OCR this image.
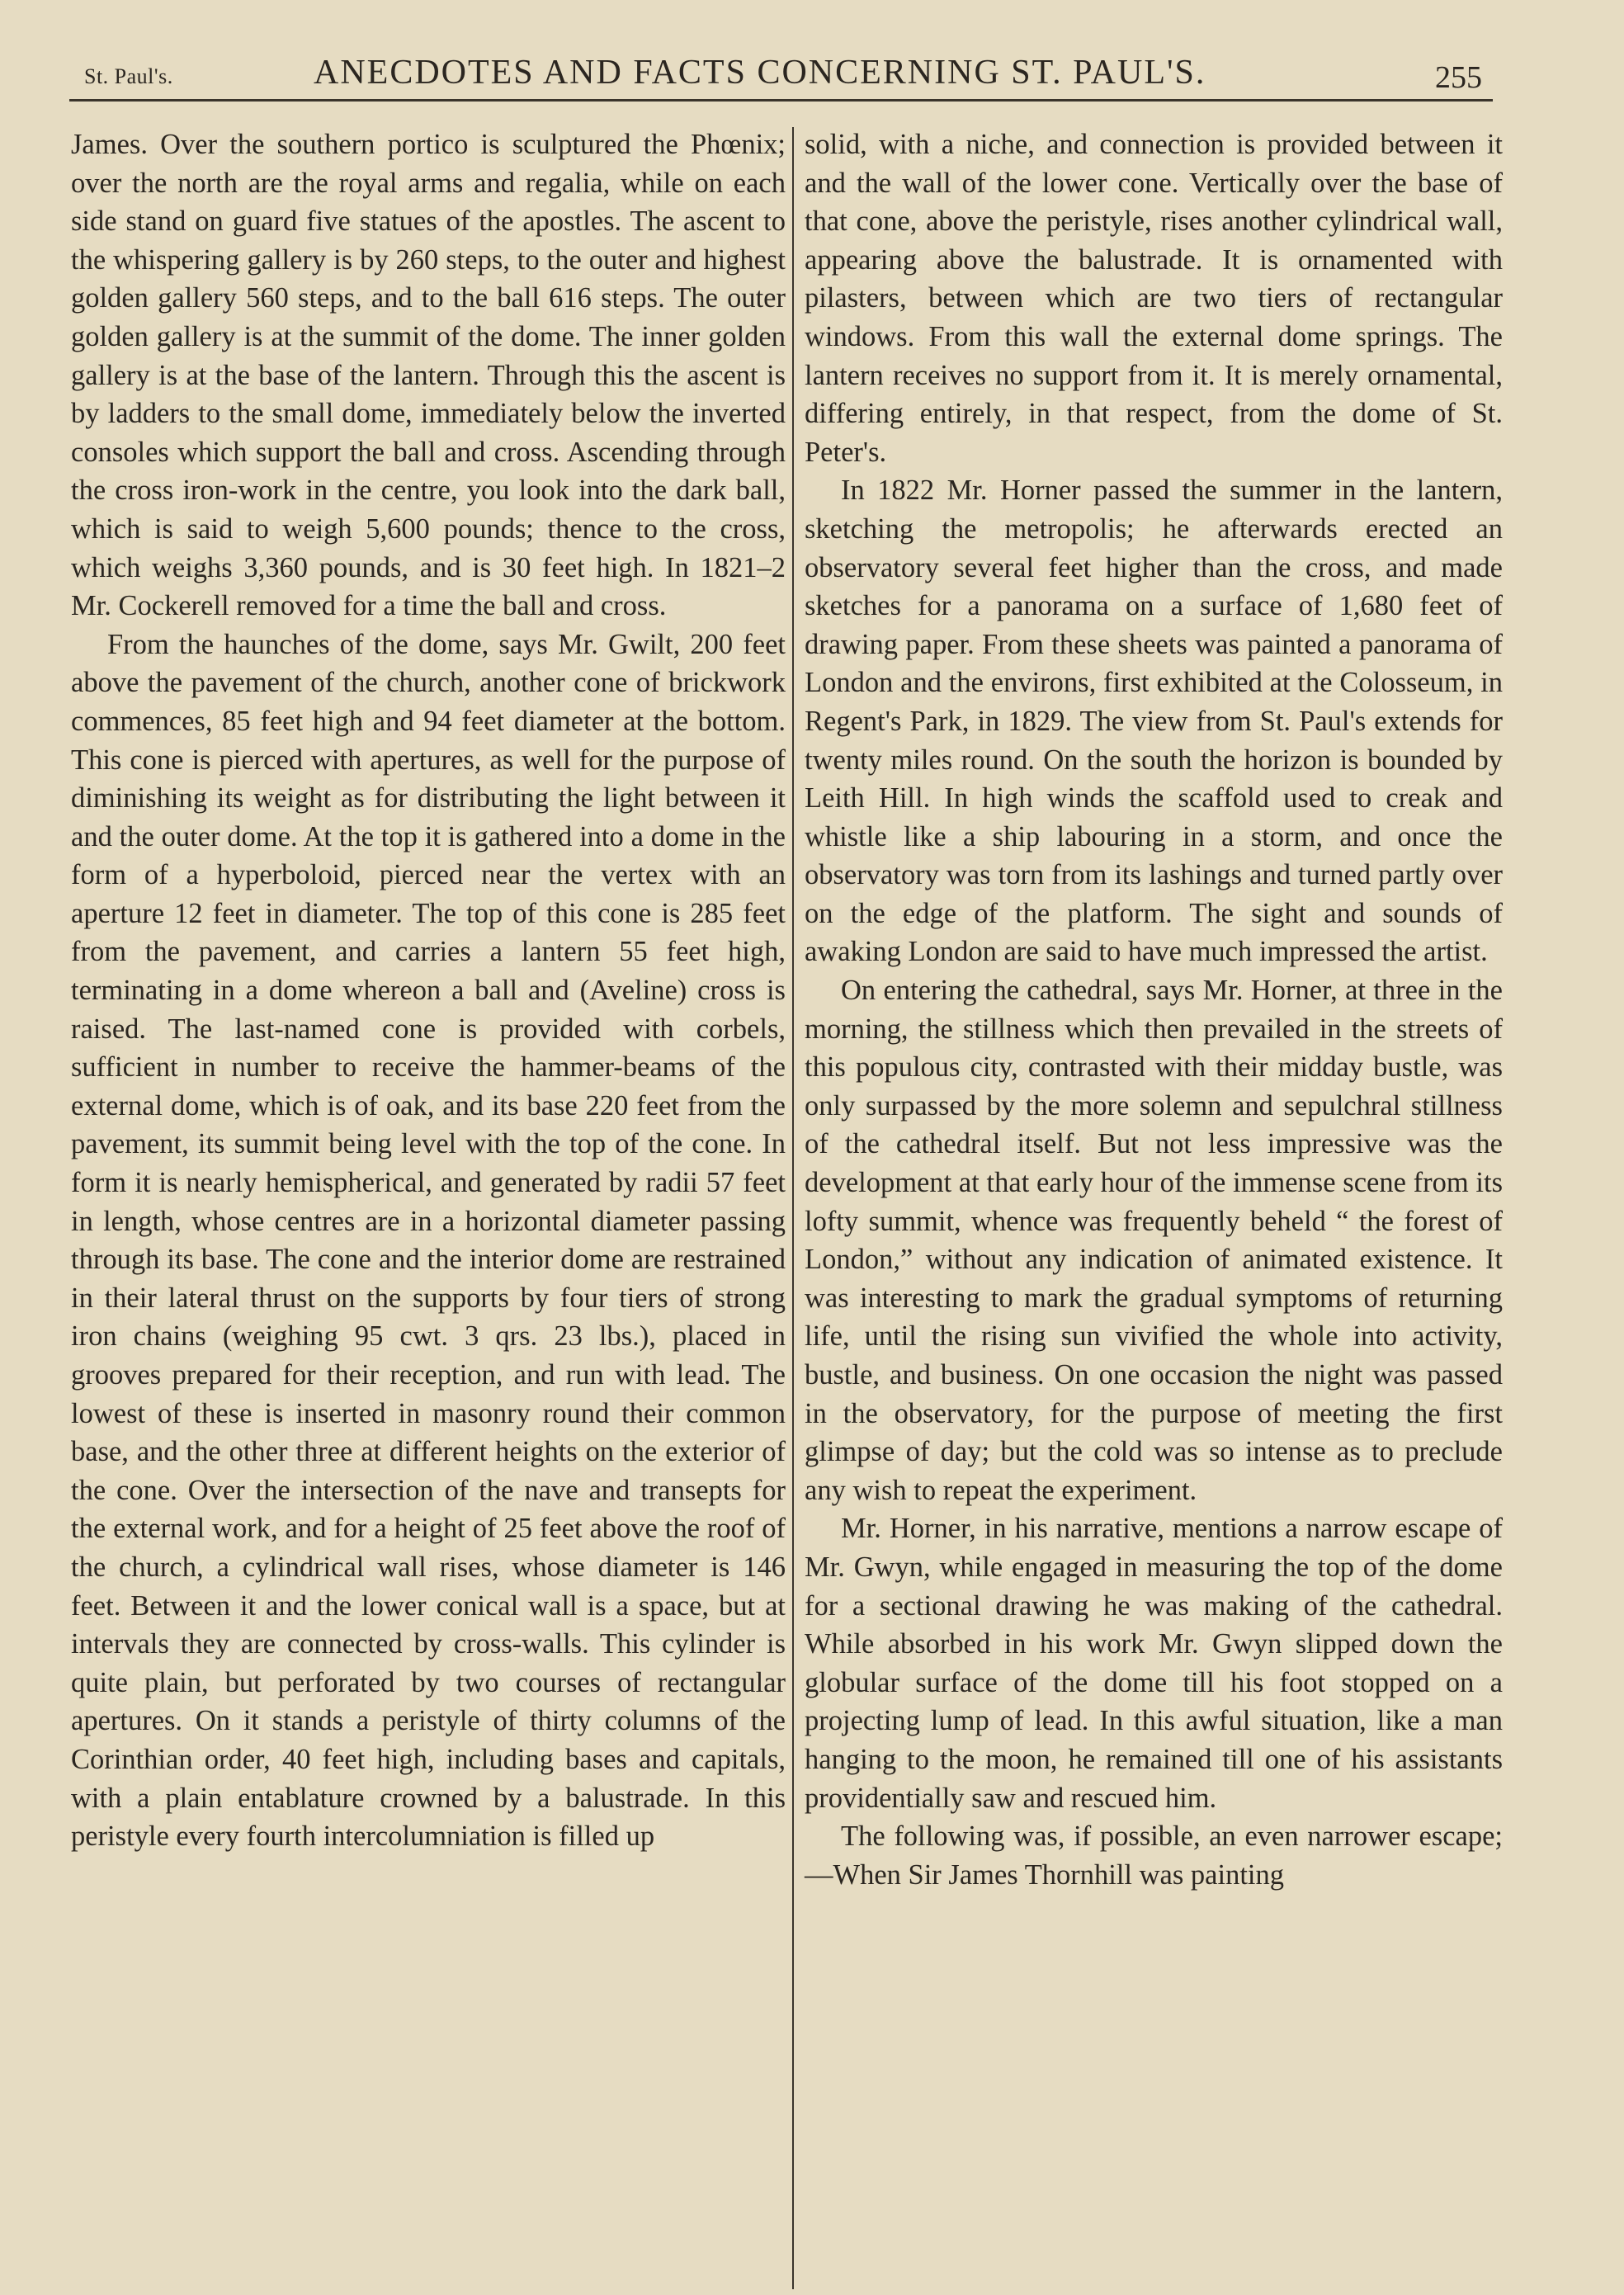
St. Paul's.	ANECDOTES AND FACTS CONCERNING ST. PAUL'S.	255

James. Over the southern portico is sculptured the Phœnix; over the north are the royal arms and regalia, while on each side stand on guard five statues of the apostles. The ascent to the whispering gallery is by 260 steps, to the outer and highest golden gallery 560 steps, and to the ball 616 steps. The outer golden gallery is at the summit of the dome. The inner golden gallery is at the base of the lantern. Through this the ascent is by ladders to the small dome, immediately below the inverted consoles which support the ball and cross. Ascending through the cross iron-work in the centre, you look into the dark ball, which is said to weigh 5,600 pounds; thence to the cross, which weighs 3,360 pounds, and is 30 feet high. In 1821–2 Mr. Cockerell removed for a time the ball and cross.

From the haunches of the dome, says Mr. Gwilt, 200 feet above the pavement of the church, another cone of brickwork commences, 85 feet high and 94 feet diameter at the bottom. This cone is pierced with apertures, as well for the purpose of diminishing its weight as for distributing the light between it and the outer dome. At the top it is gathered into a dome in the form of a hyperboloid, pierced near the vertex with an aperture 12 feet in diameter. The top of this cone is 285 feet from the pavement, and carries a lantern 55 feet high, terminating in a dome whereon a ball and (Aveline) cross is raised. The last-named cone is provided with corbels, sufficient in number to receive the hammer-beams of the external dome, which is of oak, and its base 220 feet from the pavement, its summit being level with the top of the cone. In form it is nearly hemispherical, and generated by radii 57 feet in length, whose centres are in a horizontal diameter passing through its base. The cone and the interior dome are restrained in their lateral thrust on the supports by four tiers of strong iron chains (weighing 95 cwt. 3 qrs. 23 lbs.), placed in grooves prepared for their reception, and run with lead. The lowest of these is inserted in masonry round their common base, and the other three at different heights on the exterior of the cone. Over the intersection of the nave and transepts for the external work, and for a height of 25 feet above the roof of the church, a cylindrical wall rises, whose diameter is 146 feet. Between it and the lower conical wall is a space, but at intervals they are connected by cross-walls. This cylinder is quite plain, but perforated by two courses of rectangular apertures. On it stands a peristyle of thirty columns of the Corinthian order, 40 feet high, including bases and capitals, with a plain entablature crowned by a balustrade. In this peristyle every fourth intercolumniation is filled up

solid, with a niche, and connection is provided between it and the wall of the lower cone. Vertically over the base of that cone, above the peristyle, rises another cylindrical wall, appearing above the balustrade. It is ornamented with pilasters, between which are two tiers of rectangular windows. From this wall the external dome springs. The lantern receives no support from it. It is merely ornamental, differing entirely, in that respect, from the dome of St. Peter's.

In 1822 Mr. Horner passed the summer in the lantern, sketching the metropolis; he afterwards erected an observatory several feet higher than the cross, and made sketches for a panorama on a surface of 1,680 feet of drawing paper. From these sheets was painted a panorama of London and the environs, first exhibited at the Colosseum, in Regent's Park, in 1829. The view from St. Paul's extends for twenty miles round. On the south the horizon is bounded by Leith Hill. In high winds the scaffold used to creak and whistle like a ship labouring in a storm, and once the observatory was torn from its lashings and turned partly over on the edge of the platform. The sight and sounds of awaking London are said to have much impressed the artist.

On entering the cathedral, says Mr. Horner, at three in the morning, the stillness which then prevailed in the streets of this populous city, contrasted with their midday bustle, was only surpassed by the more solemn and sepulchral stillness of the cathedral itself. But not less impressive was the development at that early hour of the immense scene from its lofty summit, whence was frequently beheld “ the forest of London,” without any indication of animated existence. It was interesting to mark the gradual symptoms of returning life, until the rising sun vivified the whole into activity, bustle, and business. On one occasion the night was passed in the observatory, for the purpose of meeting the first glimpse of day; but the cold was so intense as to preclude any wish to repeat the experiment.

Mr. Horner, in his narrative, mentions a narrow escape of Mr. Gwyn, while engaged in measuring the top of the dome for a sectional drawing he was making of the cathedral. While absorbed in his work Mr. Gwyn slipped down the globular surface of the dome till his foot stopped on a projecting lump of lead. In this awful situation, like a man hanging to the moon, he remained till one of his assistants providentially saw and rescued him.

The following was, if possible, an even narrower escape;—When Sir James Thornhill was painting
